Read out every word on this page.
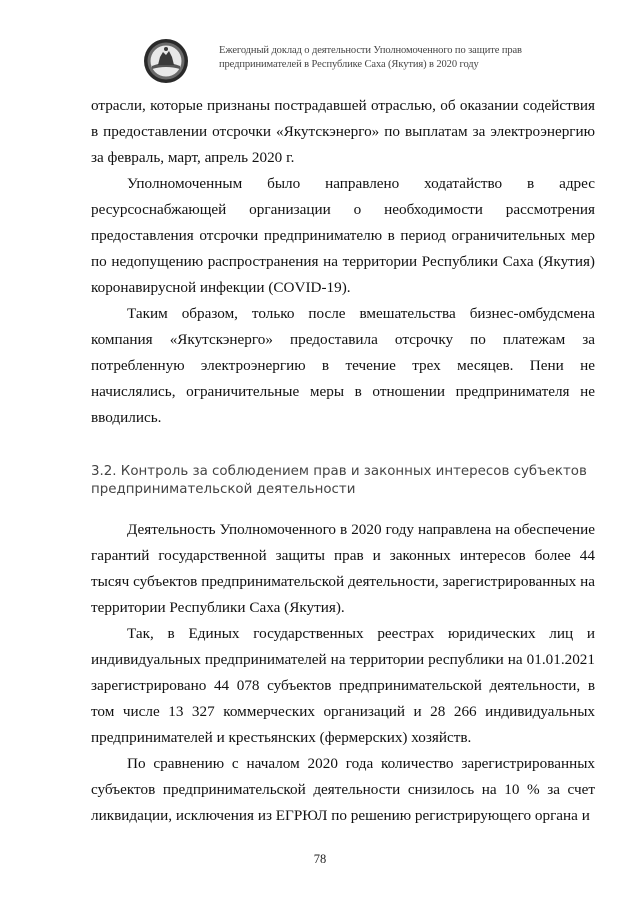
Ежегодный доклад о деятельности Уполномоченного по защите прав
предпринимателей в Республике Саха (Якутия) в 2020 году

отрасли, которые признаны пострадавшей отраслью, об оказании содействия в предоставлении отсрочки «Якутскэнерго» по выплатам за электроэнергию за февраль, март, апрель 2020 г.

Уполномоченным было направлено ходатайство в адрес ресурсоснабжающей организации о необходимости рассмотрения предоставления отсрочки предпринимателю в период ограничительных мер по недопущению распространения на территории Республики Саха (Якутия) коронавирусной инфекции (COVID-19).

Таким образом, только после вмешательства бизнес-омбудсмена компания «Якутскэнерго» предоставила отсрочку по платежам за потребленную электроэнергию в течение трех месяцев. Пени не начислялись, ограничительные меры в отношении предпринимателя не вводились.

3.2. Контроль за соблюдением прав и законных интересов субъектов предпринимательской деятельности

Деятельность Уполномоченного в 2020 году направлена на обеспечение гарантий государственной защиты прав и законных интересов более 44 тысяч субъектов предпринимательской деятельности, зарегистрированных на территории Республики Саха (Якутия).

Так, в Единых государственных реестрах юридических лиц и индивидуальных предпринимателей на территории республики на 01.01.2021 зарегистрировано 44 078 субъектов предпринимательской деятельности, в том числе 13 327 коммерческих организаций и 28 266 индивидуальных предпринимателей и крестьянских (фермерских) хозяйств.

По сравнению с началом 2020 года количество зарегистрированных субъектов предпринимательской деятельности снизилось на 10 % за счет ликвидации, исключения из ЕГРЮЛ по решению регистрирующего органа и

78
